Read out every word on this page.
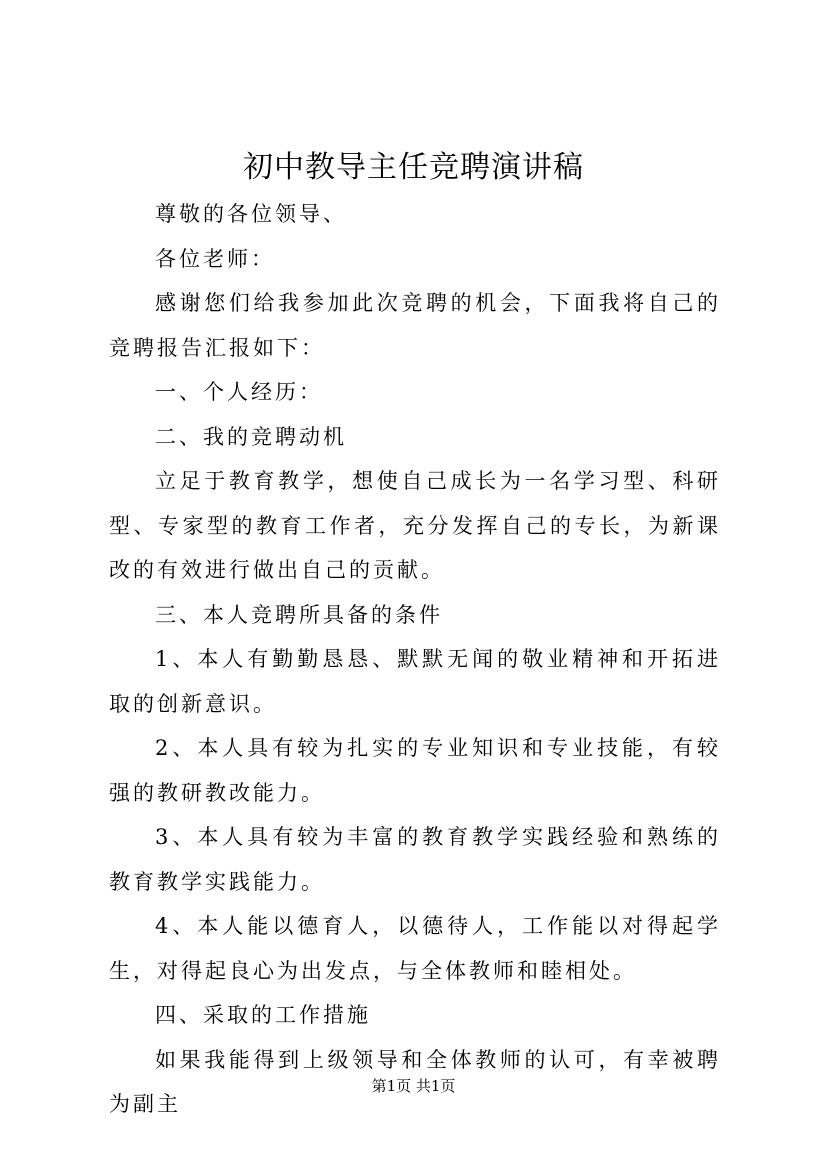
初中教导主任竞聘演讲稿

尊敬的各位领导、

各位老师：

感谢您们给我参加此次竞聘的机会，下面我将自己的竞聘报告汇报如下：

一、个人经历：

二、我的竞聘动机

立足于教育教学，想使自己成长为一名学习型、科研型、专家型的教育工作者，充分发挥自己的专长，为新课改的有效进行做出自己的贡献。

三、本人竞聘所具备的条件

1、本人有勤勤恳恳、默默无闻的敬业精神和开拓进取的创新意识。

2、本人具有较为扎实的专业知识和专业技能，有较强的教研教改能力。

3、本人具有较为丰富的教育教学实践经验和熟练的教育教学实践能力。

4、本人能以德育人，以德待人，工作能以对得起学生，对得起良心为出发点，与全体教师和睦相处。

四、采取的工作措施

如果我能得到上级领导和全体教师的认可，有幸被聘为副主

第1页 共1页
